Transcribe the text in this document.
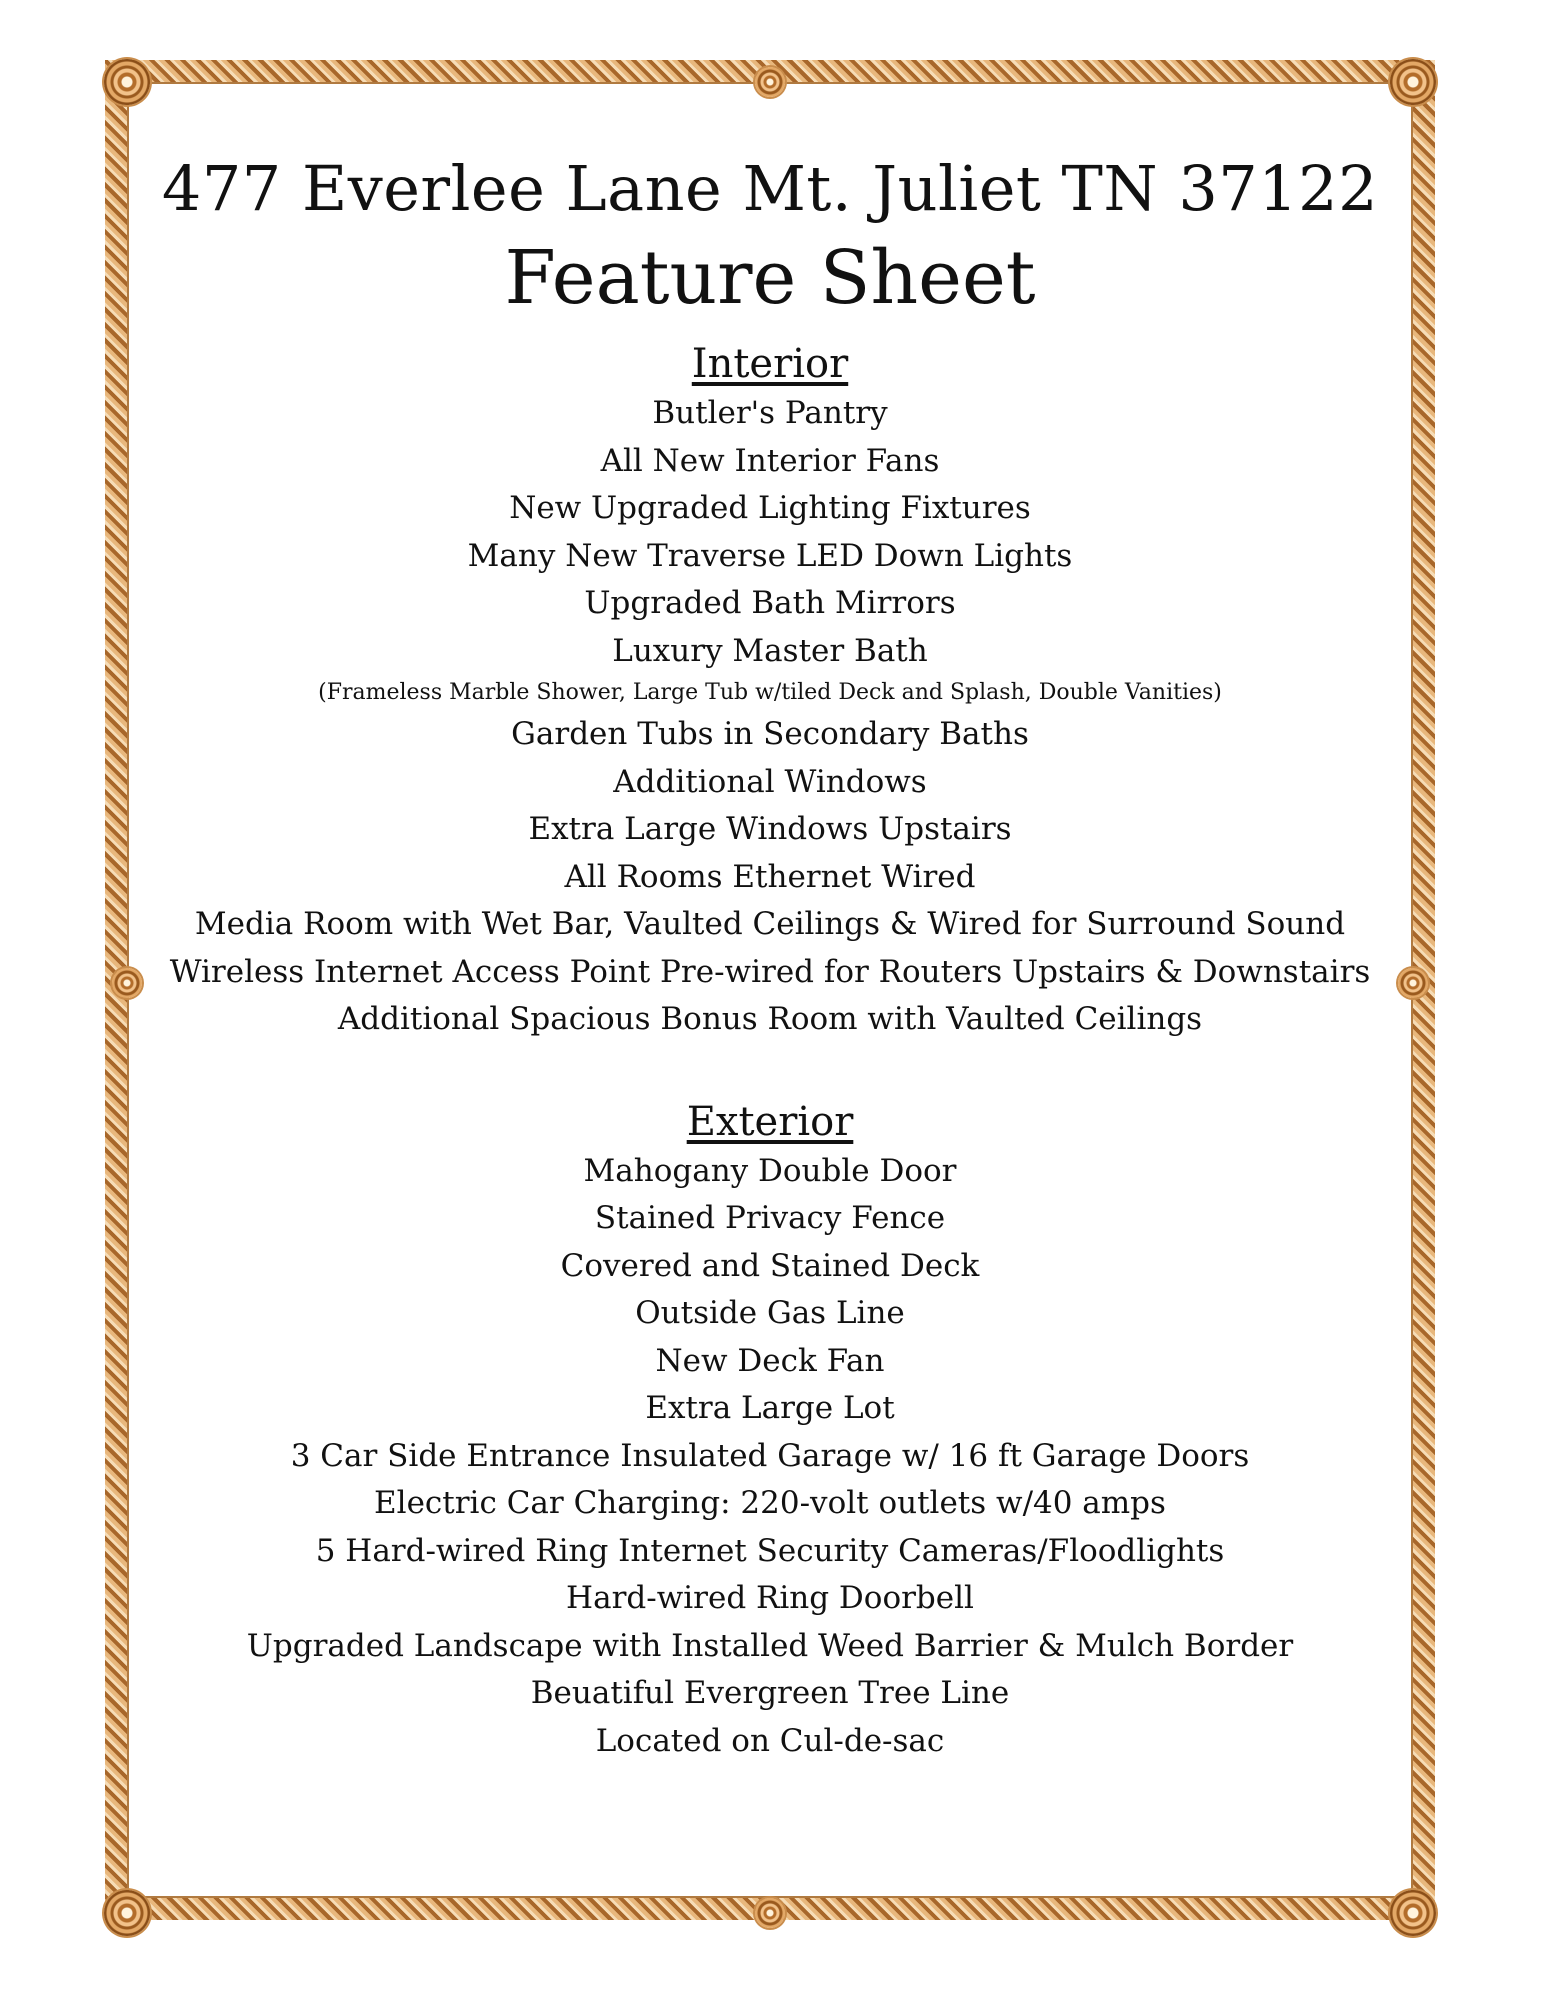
477 Everlee Lane Mt. Juliet TN 37122
Feature Sheet
Interior
Butler's Pantry
All New Interior Fans
New Upgraded Lighting Fixtures
Many New Traverse LED Down Lights
Upgraded Bath Mirrors
Luxury Master Bath
(Frameless Marble Shower, Large Tub w/tiled Deck and Splash, Double Vanities)
Garden Tubs in Secondary Baths
Additional Windows
Extra Large Windows Upstairs
All Rooms Ethernet Wired
Media Room with Wet Bar, Vaulted Ceilings & Wired for Surround Sound
Wireless Internet Access Point Pre-wired for Routers Upstairs & Downstairs
Additional Spacious Bonus Room with Vaulted Ceilings
Exterior
Mahogany Double Door
Stained Privacy Fence
Covered and Stained Deck
Outside Gas Line
New Deck Fan
Extra Large Lot
3 Car Side Entrance Insulated Garage w/ 16 ft Garage Doors
Electric Car Charging: 220-volt outlets w/40 amps
5 Hard-wired Ring Internet Security Cameras/Floodlights
Hard-wired Ring Doorbell
Upgraded Landscape with Installed Weed Barrier & Mulch Border
Beuatiful Evergreen Tree Line
Located on Cul-de-sac
